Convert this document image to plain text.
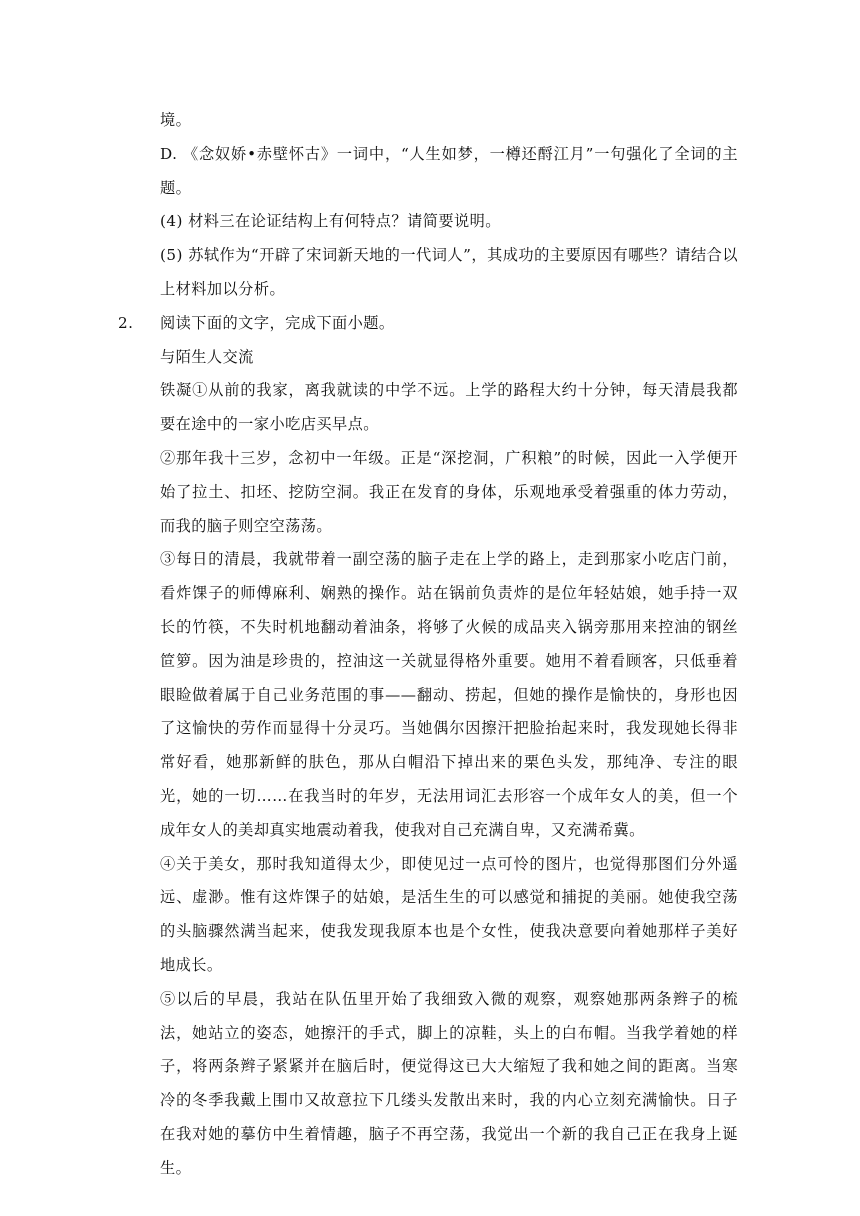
境。

D. 《念奴娇•赤壁怀古》一词中，“人生如梦，一樽还酹江月”一句强化了全词的主题。

(4) 材料三在论证结构上有何特点？请简要说明。

(5) 苏轼作为“开辟了宋词新天地的一代词人”，其成功的主要原因有哪些？请结合以上材料加以分析。

2. 阅读下面的文字，完成下面小题。

与陌生人交流

铁凝①从前的我家，离我就读的中学不远。上学的路程大约十分钟，每天清晨我都要在途中的一家小吃店买早点。

②那年我十三岁，念初中一年级。正是“深挖洞，广积粮”的时候，因此一入学便开始了拉土、扣坯、挖防空洞。我正在发育的身体，乐观地承受着强重的体力劳动，而我的脑子则空空荡荡。

③每日的清晨，我就带着一副空荡的脑子走在上学的路上，走到那家小吃店门前，看炸馃子的师傅麻利、娴熟的操作。站在锅前负责炸的是位年轻姑娘，她手持一双长的竹筷，不失时机地翻动着油条，将够了火候的成品夹入锅旁那用来控油的钢丝笸箩。因为油是珍贵的，控油这一关就显得格外重要。她用不着看顾客，只低垂着眼睑做着属于自己业务范围的事——翻动、捞起，但她的操作是愉快的，身形也因了这愉快的劳作而显得十分灵巧。当她偶尔因擦汗把脸抬起来时，我发现她长得非常好看，她那新鲜的肤色，那从白帽沿下掉出来的栗色头发，那纯净、专注的眼光，她的一切……在我当时的年岁，无法用词汇去形容一个成年女人的美，但一个成年女人的美却真实地震动着我，使我对自己充满自卑，又充满希冀。

④关于美女，那时我知道得太少，即使见过一点可怜的图片，也觉得那图们分外遥远、虚渺。惟有这炸馃子的姑娘，是活生生的可以感觉和捕捉的美丽。她使我空荡的头脑骤然满当起来，使我发现我原本也是个女性，使我决意要向着她那样子美好地成长。

⑤以后的早晨，我站在队伍里开始了我细致入微的观察，观察她那两条辫子的梳法，她站立的姿态，她擦汗的手式，脚上的凉鞋，头上的白布帽。当我学着她的样子，将两条辫子紧紧并在脑后时，便觉得这已大大缩短了我和她之间的距离。当寒冷的冬季我戴上围巾又故意拉下几缕头发散出来时，我的内心立刻充满愉快。日子在我对她的摹仿中生着情趣，脑子不再空荡，我觉出一个新的我自己正在我身上诞生。
